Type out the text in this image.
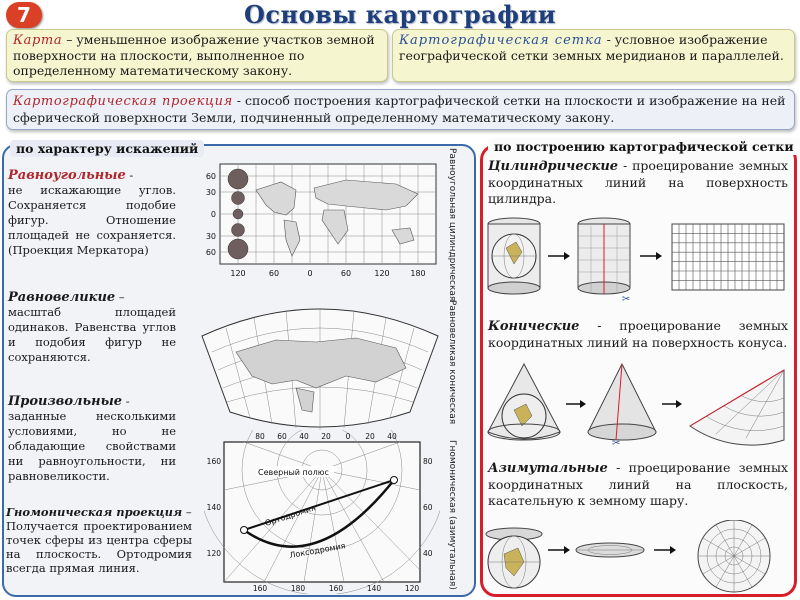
7	Основы картографии

Карта – уменьшенное изображение участков земной поверхности на плоскости, выполненное по определенному математическому закону.

Картографическая сетка - условное изображение географической сетки земных меридианов и параллелей.

Картографическая проекция - способ построения картографической сетки на плоскости и изображение на ней сферической поверхности Земли, подчиненный определенному математическому закону.

по характеру искажений
Равноугольные -
не искажающие углов. Сохраняется подобие фигур. Отношение площадей не сохраняется. (Проекция Меркатора)
Равновеликие –
масштаб площадей одинаков. Равенства углов и подобия фигур не сохраняются.
Произвольные -
заданные несколькими условиями, но не обладающие свойствами ни равноугольности, ни равновеликости.
Гномоническая проекция –
Получается проектированием точек сферы из центра сферы на плоскость. Ортодромия всегда прямая линия.
Равноугольная цилиндрическая
Равновеликая коническая
Гномоническая (азимутальная)
60
30
0
30
60
120	60	0	60	120	180
Северный полюс
Ортодромия
Локсодромия
80 60 40 20 0 20 40
160	180	160	140	120
160
140
120
80
60
40
по построению картографической сетки
Цилиндрические - проецирование земных координатных линий на поверхность цилиндра.
✂
Конические - проецирование земных координатных линий на поверхность конуса.
✂
Азимутальные - проецирование земных координатных линий на плоскость, касательную к земному шару.
